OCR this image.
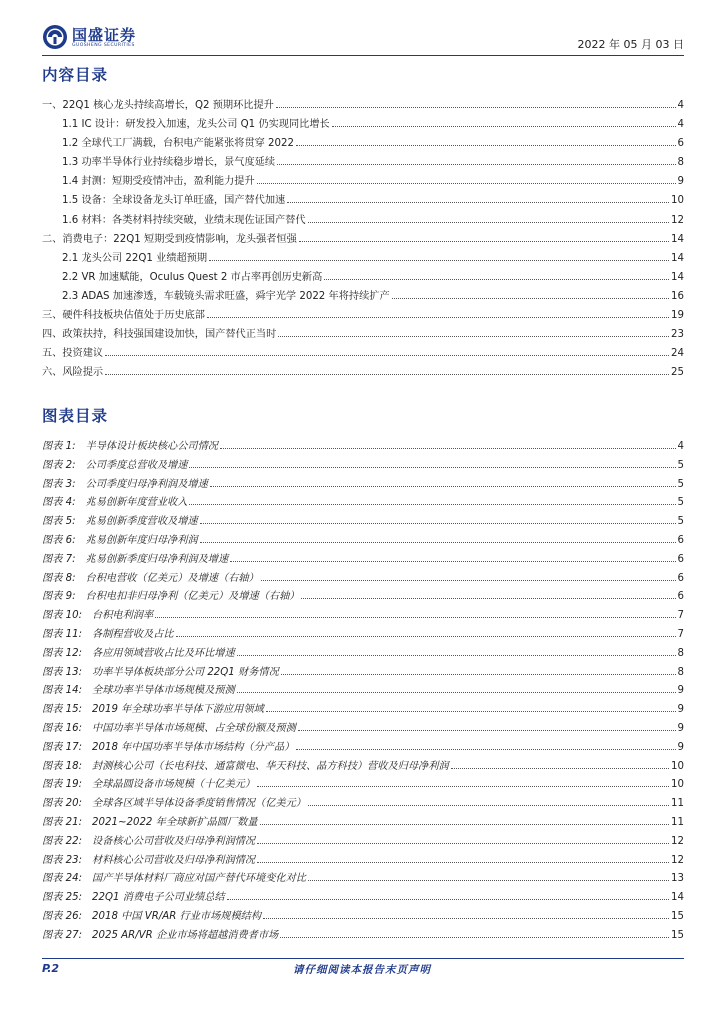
国盛证券
GUOSHENG SECURITIES	2022 年 05 月 03 日
内容目录
一、22Q1 核心龙头持续高增长，Q2 预期环比提升	4
1.1 IC 设计：研发投入加速，龙头公司 Q1 仍实现同比增长	4
1.2 全球代工厂满载，台积电产能紧张将贯穿 2022	6
1.3 功率半导体行业持续稳步增长，景气度延续	8
1.4 封测：短期受疫情冲击，盈利能力提升	9
1.5 设备：全球设备龙头订单旺盛，国产替代加速	10
1.6 材料：各类材料持续突破，业绩末现佐证国产替代	12
二、消费电子：22Q1 短期受到疫情影响，龙头强者恒强	14
2.1 龙头公司 22Q1 业绩超预期	14
2.2 VR 加速赋能，Oculus Quest 2 市占率再创历史新高	14
2.3 ADAS 加速渗透，车载镜头需求旺盛，舜宇光学 2022 年将持续扩产	16
三、硬件科技板块估值处于历史底部	19
四、政策扶持，科技强国建设加快，国产替代正当时	23
五、投资建议	24
六、风险提示	25
图表目录
图表 1: 半导体设计板块核心公司情况	4
图表 2: 公司季度总营收及增速	5
图表 3: 公司季度归母净利润及增速	5
图表 4: 兆易创新年度营业收入	5
图表 5: 兆易创新季度营收及增速	5
图表 6: 兆易创新年度归母净利润	6
图表 7: 兆易创新季度归母净利润及增速	6
图表 8: 台积电营收（亿美元）及增速（右轴）	6
图表 9: 台积电扣非归母净利（亿美元）及增速（右轴）	6
图表 10: 台积电利润率	7
图表 11: 各制程营收及占比	7
图表 12: 各应用领域营收占比及环比增速	8
图表 13: 功率半导体板块部分公司 22Q1 财务情况	8
图表 14: 全球功率半导体市场规模及预测	9
图表 15: 2019 年全球功率半导体下游应用领域	9
图表 16: 中国功率半导体市场规模、占全球份额及预测	9
图表 17: 2018 年中国功率半导体市场结构（分产品）	9
图表 18: 封测核心公司（长电科技、通富微电、华天科技、晶方科技）营收及归母净利润	10
图表 19: 全球晶圆设备市场规模（十亿美元）	10
图表 20: 全球各区域半导体设备季度销售情况（亿美元）	11
图表 21: 2021~2022 年全球新扩晶圆厂数量	11
图表 22: 设备核心公司营收及归母净利润情况	12
图表 23: 材料核心公司营收及归母净利润情况	12
图表 24: 国产半导体材料厂商应对国产替代环境变化对比	13
图表 25: 22Q1 消费电子公司业绩总结	14
图表 26: 2018 中国 VR/AR 行业市场规模结构	15
图表 27: 2025 AR/VR 企业市场将超越消费者市场	15
P.2	请仔细阅读本报告末页声明
